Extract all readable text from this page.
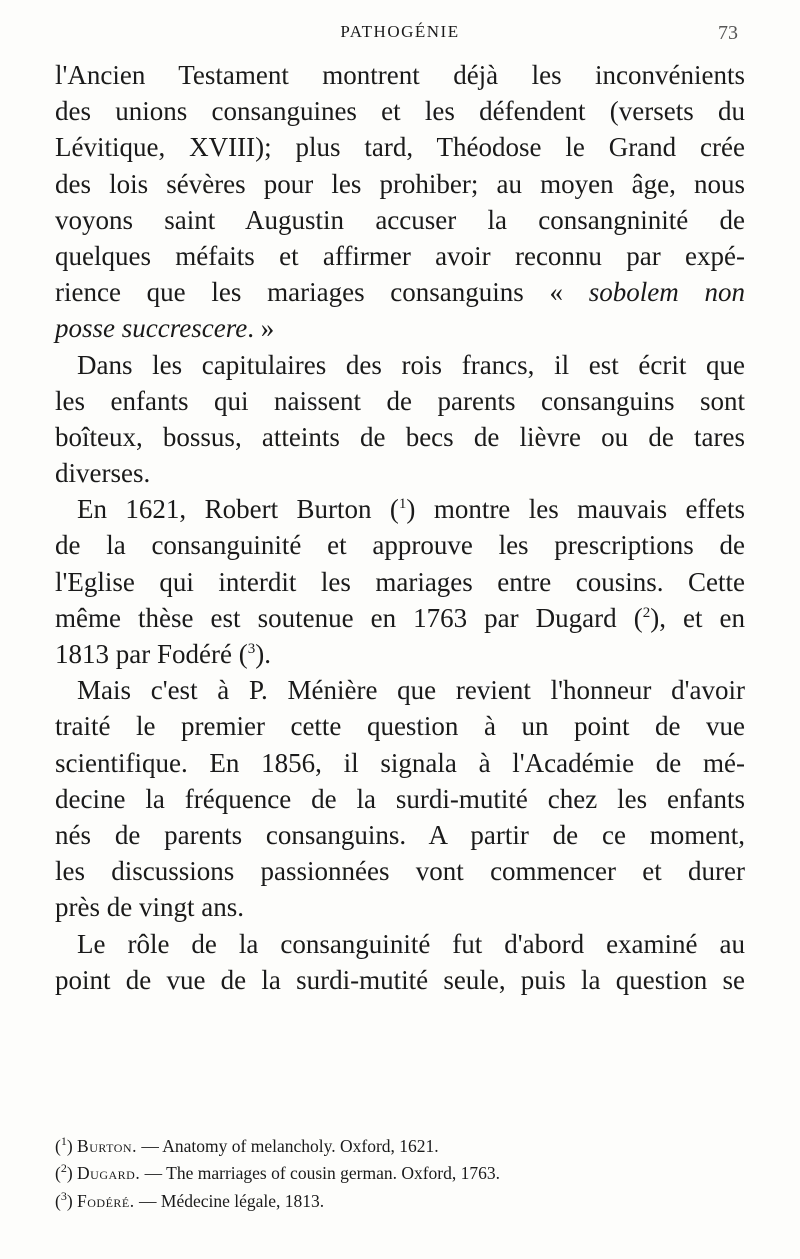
PATHOGÉNIE	73
l'Ancien Testament montrent déjà les inconvénients
des unions consanguines et les défendent (versets du
Lévitique, XVIII); plus tard, Théodose le Grand crée
des lois sévères pour les prohiber; au moyen âge, nous
voyons saint Augustin accuser la consangninité de
quelques méfaits et affirmer avoir reconnu par expé-
rience que les mariages consanguins « sobolem non
posse succrescere. »
Dans les capitulaires des rois francs, il est écrit que
les enfants qui naissent de parents consanguins sont
boîteux, bossus, atteints de becs de lièvre ou de tares
diverses.
En 1621, Robert Burton ($^1$) montre les mauvais effets
de la consanguinité et approuve les prescriptions de
l'Eglise qui interdit les mariages entre cousins. Cette
même thèse est soutenue en 1763 par Dugard ($^2$), et en
1813 par Fodéré ($^3$).
Mais c'est à P. Ménière que revient l'honneur d'avoir
traité le premier cette question à un point de vue
scientifique. En 1856, il signala à l'Académie de mé-
decine la fréquence de la surdi-mutité chez les enfants
nés de parents consanguins. A partir de ce moment,
les discussions passionnées vont commencer et durer
près de vingt ans.
Le rôle de la consanguinité fut d'abord examiné au
point de vue de la surdi-mutité seule, puis la question se
($^1$) Burton. — Anatomy of melancholy. Oxford, 1621.
($^2$) Dugard. — The marriages of cousin german. Oxford, 1763.
($^3$) Fodéré. — Médecine légale, 1813.
